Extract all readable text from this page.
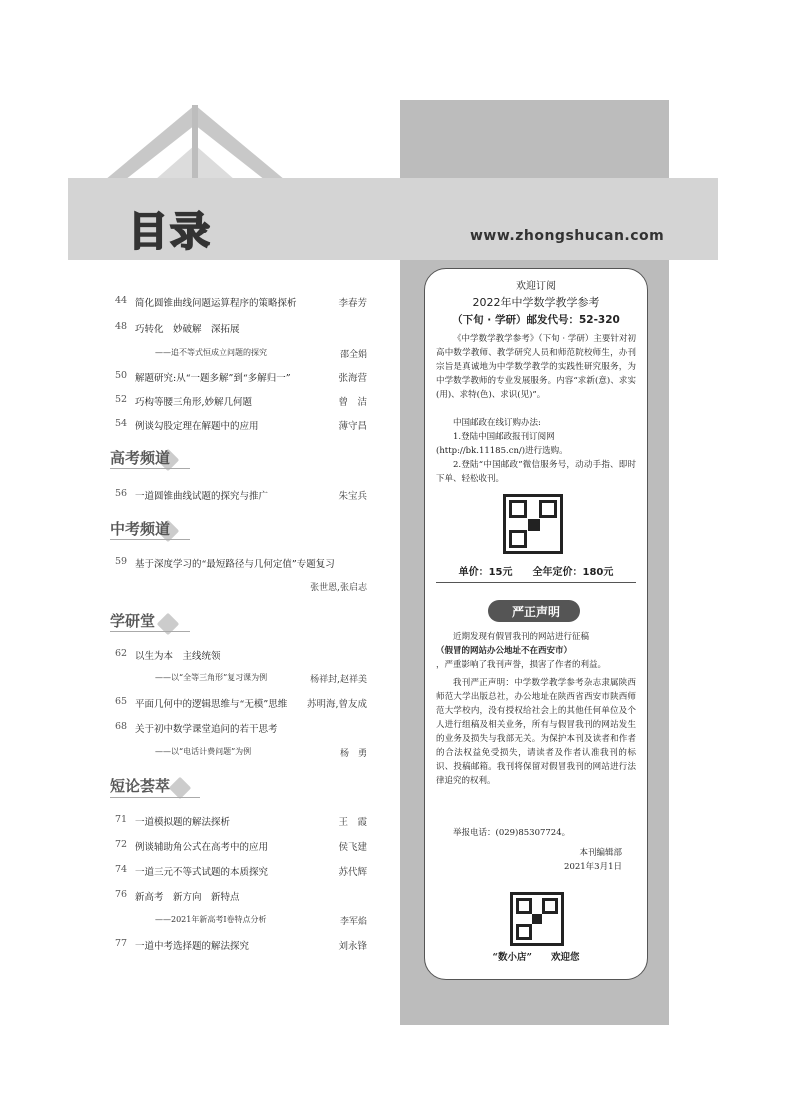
目录	www.zhongshucan.com
44 简化圆锥曲线问题运算程序的策略探析	李春芳
48 巧转化　妙破解　深拓展
——追不等式恒成立问题的探究	邵全娟
50 解题研究:从“一题多解”到“多解归一”	张海营
52 巧构等腰三角形,妙解几何题	曾　洁
54 例谈勾股定理在解题中的应用	薄守昌
高考频道
56 一道圆锥曲线试题的探究与推广	朱宝兵
中考频道
59 基于深度学习的“最短路径与几何定值”专题复习
张世恩,张启志
学研堂
62 以生为本　主线统领
——以“全等三角形”复习课为例	杨祥封,赵祥美
65 平面几何中的逻辑思维与“无模”思维 苏明海,曾友成
68 关于初中数学课堂追问的若干思考
——以“电话计费问题”为例	杨　勇
短论荟萃
71 一道模拟题的解法探析	王　霞
72 例谈辅助角公式在高考中的应用	侯飞建
74 一道三元不等式试题的本质探究	苏代辉
76 新高考　新方向　新特点
——2021年新高考Ⅰ卷特点分析	李军焰
77 一道中考选择题的解法探究	刘永锋
欢迎订阅
2022年中学数学教学参考
（下旬 · 学研）邮发代号：52-320
《中学数学教学参考》（下旬 · 学研）主要针对初高中数学教师、教学研究人员和师范院校师生，办刊宗旨是真诚地为中学数学教学的实践性研究服务，为中学数学教师的专业发展服务。内容“求新(意)、求实(用)、求特(色)、求识(见)”。
中国邮政在线订购办法:
1.登陆中国邮政报刊订阅网
(http://bk.11185.cn/)进行选购。
2.登陆“中国邮政”微信服务号，动动手指、即时下单、轻松收刊。
单价：15元　　全年定价：180元
严正声明
近期发现有假冒我刊的网站进行征稿
（假冒的网站办公地址不在西安市）
，严重影响了我刊声誉，损害了作者的利益。
我刊严正声明：中学数学教学参考杂志隶属陕西师范大学出版总社，办公地址在陕西省西安市陕西师范大学校内，没有授权给社会上的其他任何单位及个人进行组稿及相关业务，所有与假冒我刊的网站发生的业务及损失与我部无关。为保护本刊及读者和作者的合法权益免受损失，请读者及作者认准我刊的标识、投稿邮箱。我刊将保留对假冒我刊的网站进行法律追究的权利。
举报电话：(029)85307724。
本刊编辑部
2021年3月1日
“数小店”　　欢迎您
